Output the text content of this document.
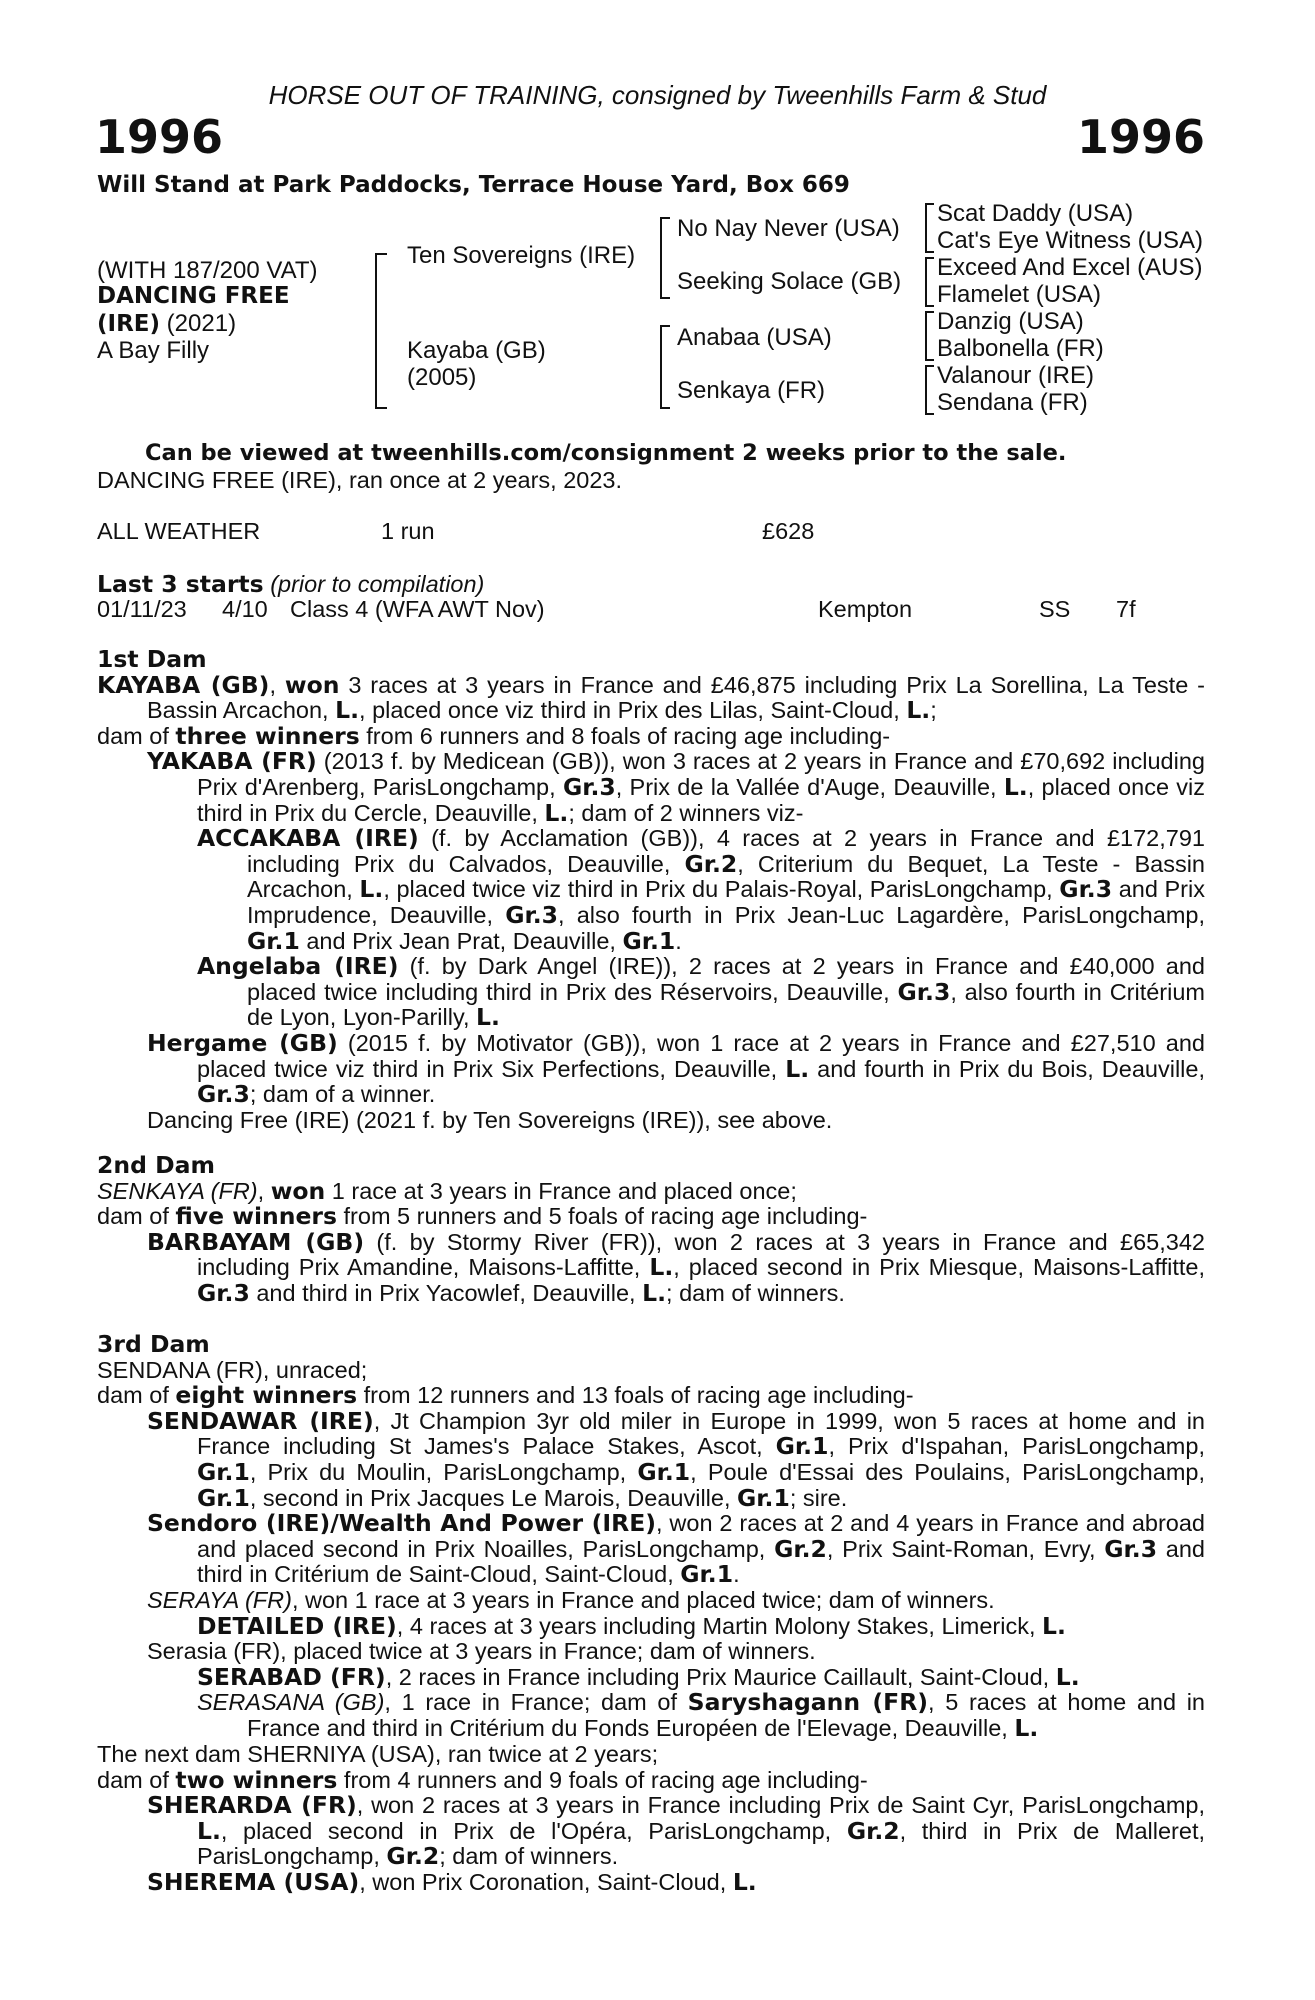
HORSE OUT OF TRAINING, consigned by Tweenhills Farm & Stud
1996	1996
Will Stand at Park Paddocks, Terrace House Yard, Box 669
(WITH 187/200 VAT)
DANCING FREE
(IRE) (2021)
A Bay Filly
Ten Sovereigns (IRE)
Kayaba (GB)
(2005)
No Nay Never (USA)
Seeking Solace (GB)
Anabaa (USA)
Senkaya (FR)
Scat Daddy (USA)
Cat's Eye Witness (USA)
Exceed And Excel (AUS)
Flamelet (USA)
Danzig (USA)
Balbonella (FR)
Valanour (IRE)
Sendana (FR)
Can be viewed at tweenhills.com/consignment 2 weeks prior to the sale.
DANCING FREE (IRE), ran once at 2 years, 2023.
ALL WEATHER	1 run	£628
Last 3 starts (prior to compilation)
01/11/23 4/10 Class 4 (WFA AWT Nov)	Kempton	SS 7f

1st Dam

KAYABA (GB), won 3 races at 3 years in France and £46,875 including Prix La Sorellina, La Teste - Bassin Arcachon, L., placed once viz third in Prix des Lilas, Saint-Cloud, L.;

dam of three winners from 6 runners and 8 foals of racing age including-

YAKABA (FR) (2013 f. by Medicean (GB)), won 3 races at 2 years in France and £70,692 including Prix d'Arenberg, ParisLongchamp, Gr.3, Prix de la Vallée d'Auge, Deauville, L., placed once viz third in Prix du Cercle, Deauville, L.; dam of 2 winners viz-

ACCAKABA (IRE) (f. by Acclamation (GB)), 4 races at 2 years in France and £172,791 including Prix du Calvados, Deauville, Gr.2, Criterium du Bequet, La Teste - Bassin Arcachon, L., placed twice viz third in Prix du Palais-Royal, ParisLongchamp, Gr.3 and Prix Imprudence, Deauville, Gr.3, also fourth in Prix Jean-Luc Lagardère, ParisLongchamp, Gr.1 and Prix Jean Prat, Deauville, Gr.1.

Angelaba (IRE) (f. by Dark Angel (IRE)), 2 races at 2 years in France and £40,000 and placed twice including third in Prix des Réservoirs, Deauville, Gr.3, also fourth in Critérium de Lyon, Lyon-Parilly, L.

Hergame (GB) (2015 f. by Motivator (GB)), won 1 race at 2 years in France and £27,510 and placed twice viz third in Prix Six Perfections, Deauville, L. and fourth in Prix du Bois, Deauville, Gr.3; dam of a winner.

Dancing Free (IRE) (2021 f. by Ten Sovereigns (IRE)), see above.

2nd Dam

SENKAYA (FR), won 1 race at 3 years in France and placed once;

dam of five winners from 5 runners and 5 foals of racing age including-

BARBAYAM (GB) (f. by Stormy River (FR)), won 2 races at 3 years in France and £65,342 including Prix Amandine, Maisons-Laffitte, L., placed second in Prix Miesque, Maisons-Laffitte, Gr.3 and third in Prix Yacowlef, Deauville, L.; dam of winners.

3rd Dam

SENDANA (FR), unraced;

dam of eight winners from 12 runners and 13 foals of racing age including-

SENDAWAR (IRE), Jt Champion 3yr old miler in Europe in 1999, won 5 races at home and in France including St James's Palace Stakes, Ascot, Gr.1, Prix d'Ispahan, ParisLongchamp, Gr.1, Prix du Moulin, ParisLongchamp, Gr.1, Poule d'Essai des Poulains, ParisLongchamp, Gr.1, second in Prix Jacques Le Marois, Deauville, Gr.1; sire.

Sendoro (IRE)/Wealth And Power (IRE), won 2 races at 2 and 4 years in France and abroad and placed second in Prix Noailles, ParisLongchamp, Gr.2, Prix Saint-Roman, Evry, Gr.3 and third in Critérium de Saint-Cloud, Saint-Cloud, Gr.1.

SERAYA (FR), won 1 race at 3 years in France and placed twice; dam of winners.

DETAILED (IRE), 4 races at 3 years including Martin Molony Stakes, Limerick, L.

Serasia (FR), placed twice at 3 years in France; dam of winners.

SERABAD (FR), 2 races in France including Prix Maurice Caillault, Saint-Cloud, L.

SERASANA (GB), 1 race in France; dam of Saryshagann (FR), 5 races at home and in France and third in Critérium du Fonds Européen de l'Elevage, Deauville, L.

The next dam SHERNIYA (USA), ran twice at 2 years;

dam of two winners from 4 runners and 9 foals of racing age including-

SHERARDA (FR), won 2 races at 3 years in France including Prix de Saint Cyr, ParisLongchamp, L., placed second in Prix de l'Opéra, ParisLongchamp, Gr.2, third in Prix de Malleret, ParisLongchamp, Gr.2; dam of winners.

SHEREMA (USA), won Prix Coronation, Saint-Cloud, L.
